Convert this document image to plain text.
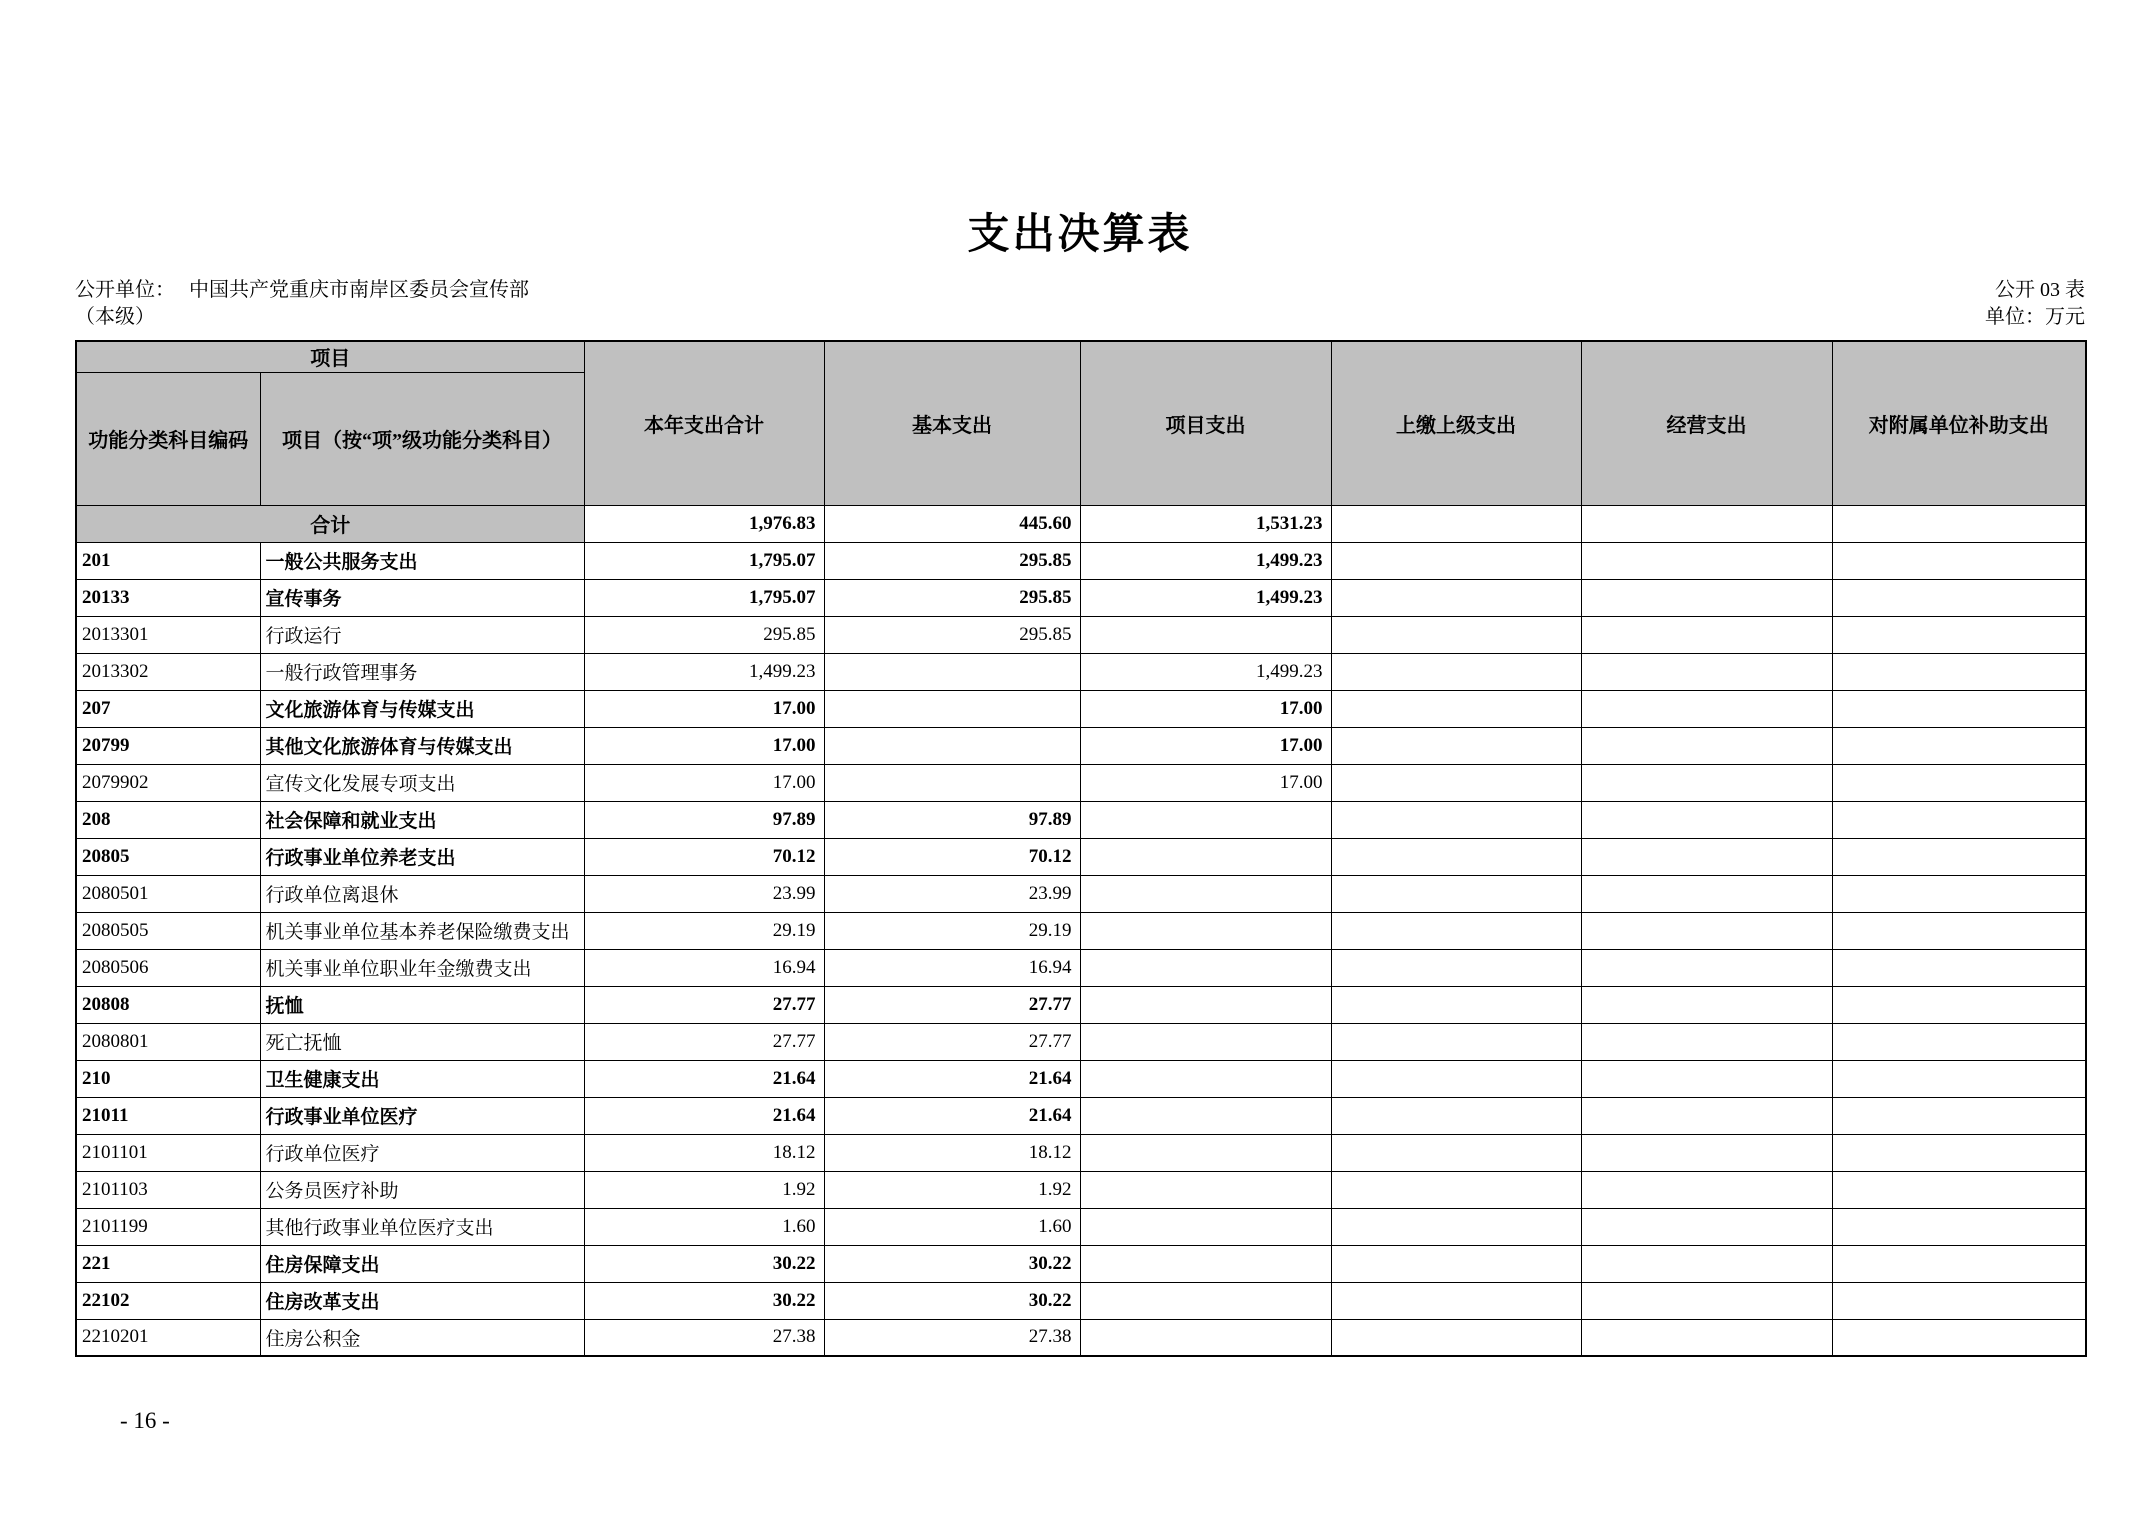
支出决算表
公开单位： 中国共产党重庆市南岸区委员会宣传部
（本级）
公开 03 表
单位：万元
项目		本年支出合计	基本支出	项目支出	上缴上级支出	经营支出	对附属单位补助支出
功能分类科目编码	项目（按“项”级功能分类科目）						
合计		1,976.83	445.60	1,531.23			
201	一般公共服务支出	1,795.07	295.85	1,499.23			
20133	宣传事务	1,795.07	295.85	1,499.23			
2013301	行政运行	295.85	295.85				
2013302	一般行政管理事务	1,499.23		1,499.23			
207	文化旅游体育与传媒支出	17.00		17.00			
20799	其他文化旅游体育与传媒支出	17.00		17.00			
2079902	宣传文化发展专项支出	17.00		17.00			
208	社会保障和就业支出	97.89	97.89				
20805	行政事业单位养老支出	70.12	70.12				
2080501	行政单位离退休	23.99	23.99				
2080505	机关事业单位基本养老保险缴费支出	29.19	29.19				
2080506	机关事业单位职业年金缴费支出	16.94	16.94				
20808	抚恤	27.77	27.77				
2080801	死亡抚恤	27.77	27.77				
210	卫生健康支出	21.64	21.64				
21011	行政事业单位医疗	21.64	21.64				
2101101	行政单位医疗	18.12	18.12				
2101103	公务员医疗补助	1.92	1.92				
2101199	其他行政事业单位医疗支出	1.60	1.60				
221	住房保障支出	30.22	30.22				
22102	住房改革支出	30.22	30.22				
2210201	住房公积金	27.38	27.38				
- 16 -
